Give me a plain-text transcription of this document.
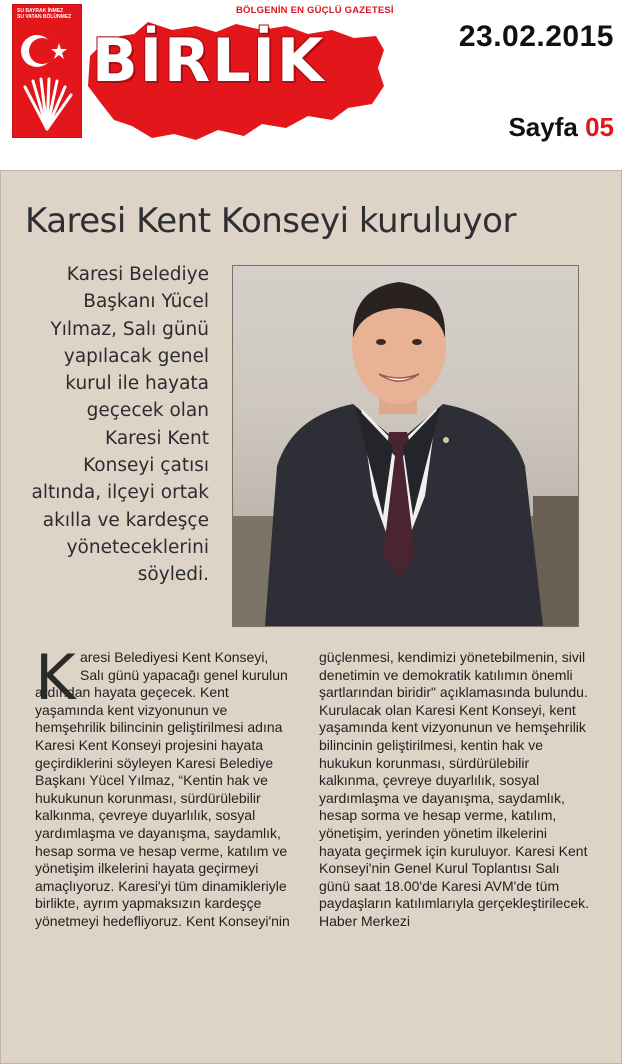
SU BAYRAK İNMEZ
SU VATAN BÖLÜNMEZ
BÖLGENİN EN GÜÇLÜ GAZETESİ
BİRLİK	23.02.2015
Sayfa 05
Karesi Kent Konseyi kuruluyor
Karesi Belediye Başkanı Yücel Yılmaz, Salı günü yapılacak genel kurul ile hayata geçecek olan Karesi Kent Konseyi çatısı altında, ilçeyi ortak akılla ve kardeşçe yöneteceklerini söyledi.
K aresi Belediyesi Kent Konseyi, Salı günü yapacağı genel kurulun
ardından hayata geçecek. Kent yaşamında kent vizyonunun ve hemşehrilik bilincinin geliştirilmesi adına Karesi Kent Konseyi projesini hayata geçirdiklerini söyleyen Karesi Belediye Başkanı Yücel Yılmaz, “Kentin hak ve hukukunun korunması, sürdürülebilir kalkınma, çevreye duyarlılık, sosyal yardımlaşma ve dayanışma, saydamlık, hesap sorma ve hesap verme, katılım ve yönetişim ilkelerini hayata geçirmeyi amaçlıyoruz. Karesi'yi tüm dinamikleriyle birlikte, ayrım yapmaksızın kardeşçe yönetmeyi hedefliyoruz. Kent Konseyi'nin
güçlenmesi, kendimizi yönetebilmenin, sivil denetimin ve demokratik katılımın önemli şartlarından biridir" açıklamasında bulundu.
Kurulacak olan Karesi Kent Konseyi, kent yaşamında kent vizyonunun ve hemşehrilik bilincinin geliştirilmesi, kentin hak ve hukukun korunması, sürdürülebilir kalkınma, çevreye duyarlılık, sosyal yardımlaşma ve dayanışma, saydamlık, hesap sorma ve hesap verme, katılım, yönetişim, yerinden yönetim ilkelerini hayata geçirmek için kuruluyor. Karesi Kent Konseyi'nin Genel Kurul Toplantısı Salı günü saat 18.00'de Karesi AVM'de tüm paydaşların katılımlarıyla gerçekleştirilecek. Haber Merkezi
